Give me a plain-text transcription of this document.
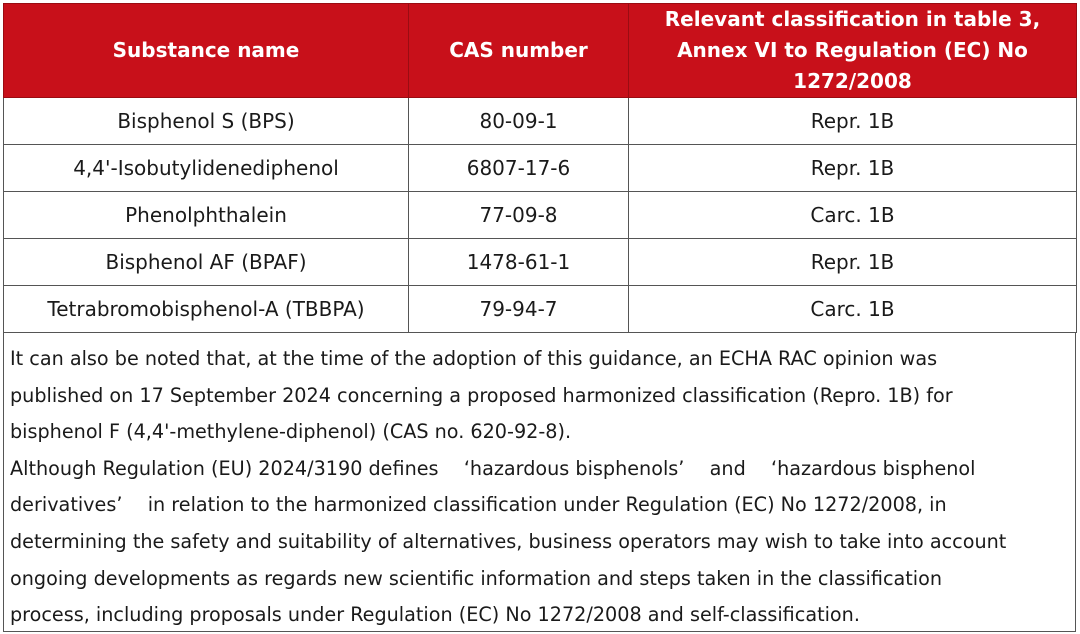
Substance name	CAS number	Relevant classification in table 3, Annex VI to Regulation (EC) No 1272/2008
Bisphenol S (BPS)	80-09-1	Repr. 1B
4,4'-Isobutylidenediphenol	6807-17-6	Repr. 1B
Phenolphthalein	77-09-8	Carc. 1B
Bisphenol AF (BPAF)	1478-61-1	Repr. 1B
Tetrabromobisphenol-A (TBBPA)	79-94-7	Carc. 1B

It can also be noted that, at the time of the adoption of this guidance, an ECHA RAC opinion was
published on 17 September 2024 concerning a proposed harmonized classification (Repro. 1B) for
bisphenol F (4,4'-methylene-diphenol) (CAS no. 620-92-8).

Although Regulation (EU) 2024/3190 defines 　‘hazardous bisphenols’　 and 　‘hazardous bisphenol
derivatives’　 in relation to the harmonized classification under Regulation (EC) No 1272/2008, in
determining the safety and suitability of alternatives, business operators may wish to take into account
ongoing developments as regards new scientific information and steps taken in the classification
process, including proposals under Regulation (EC) No 1272/2008 and self-classification.
